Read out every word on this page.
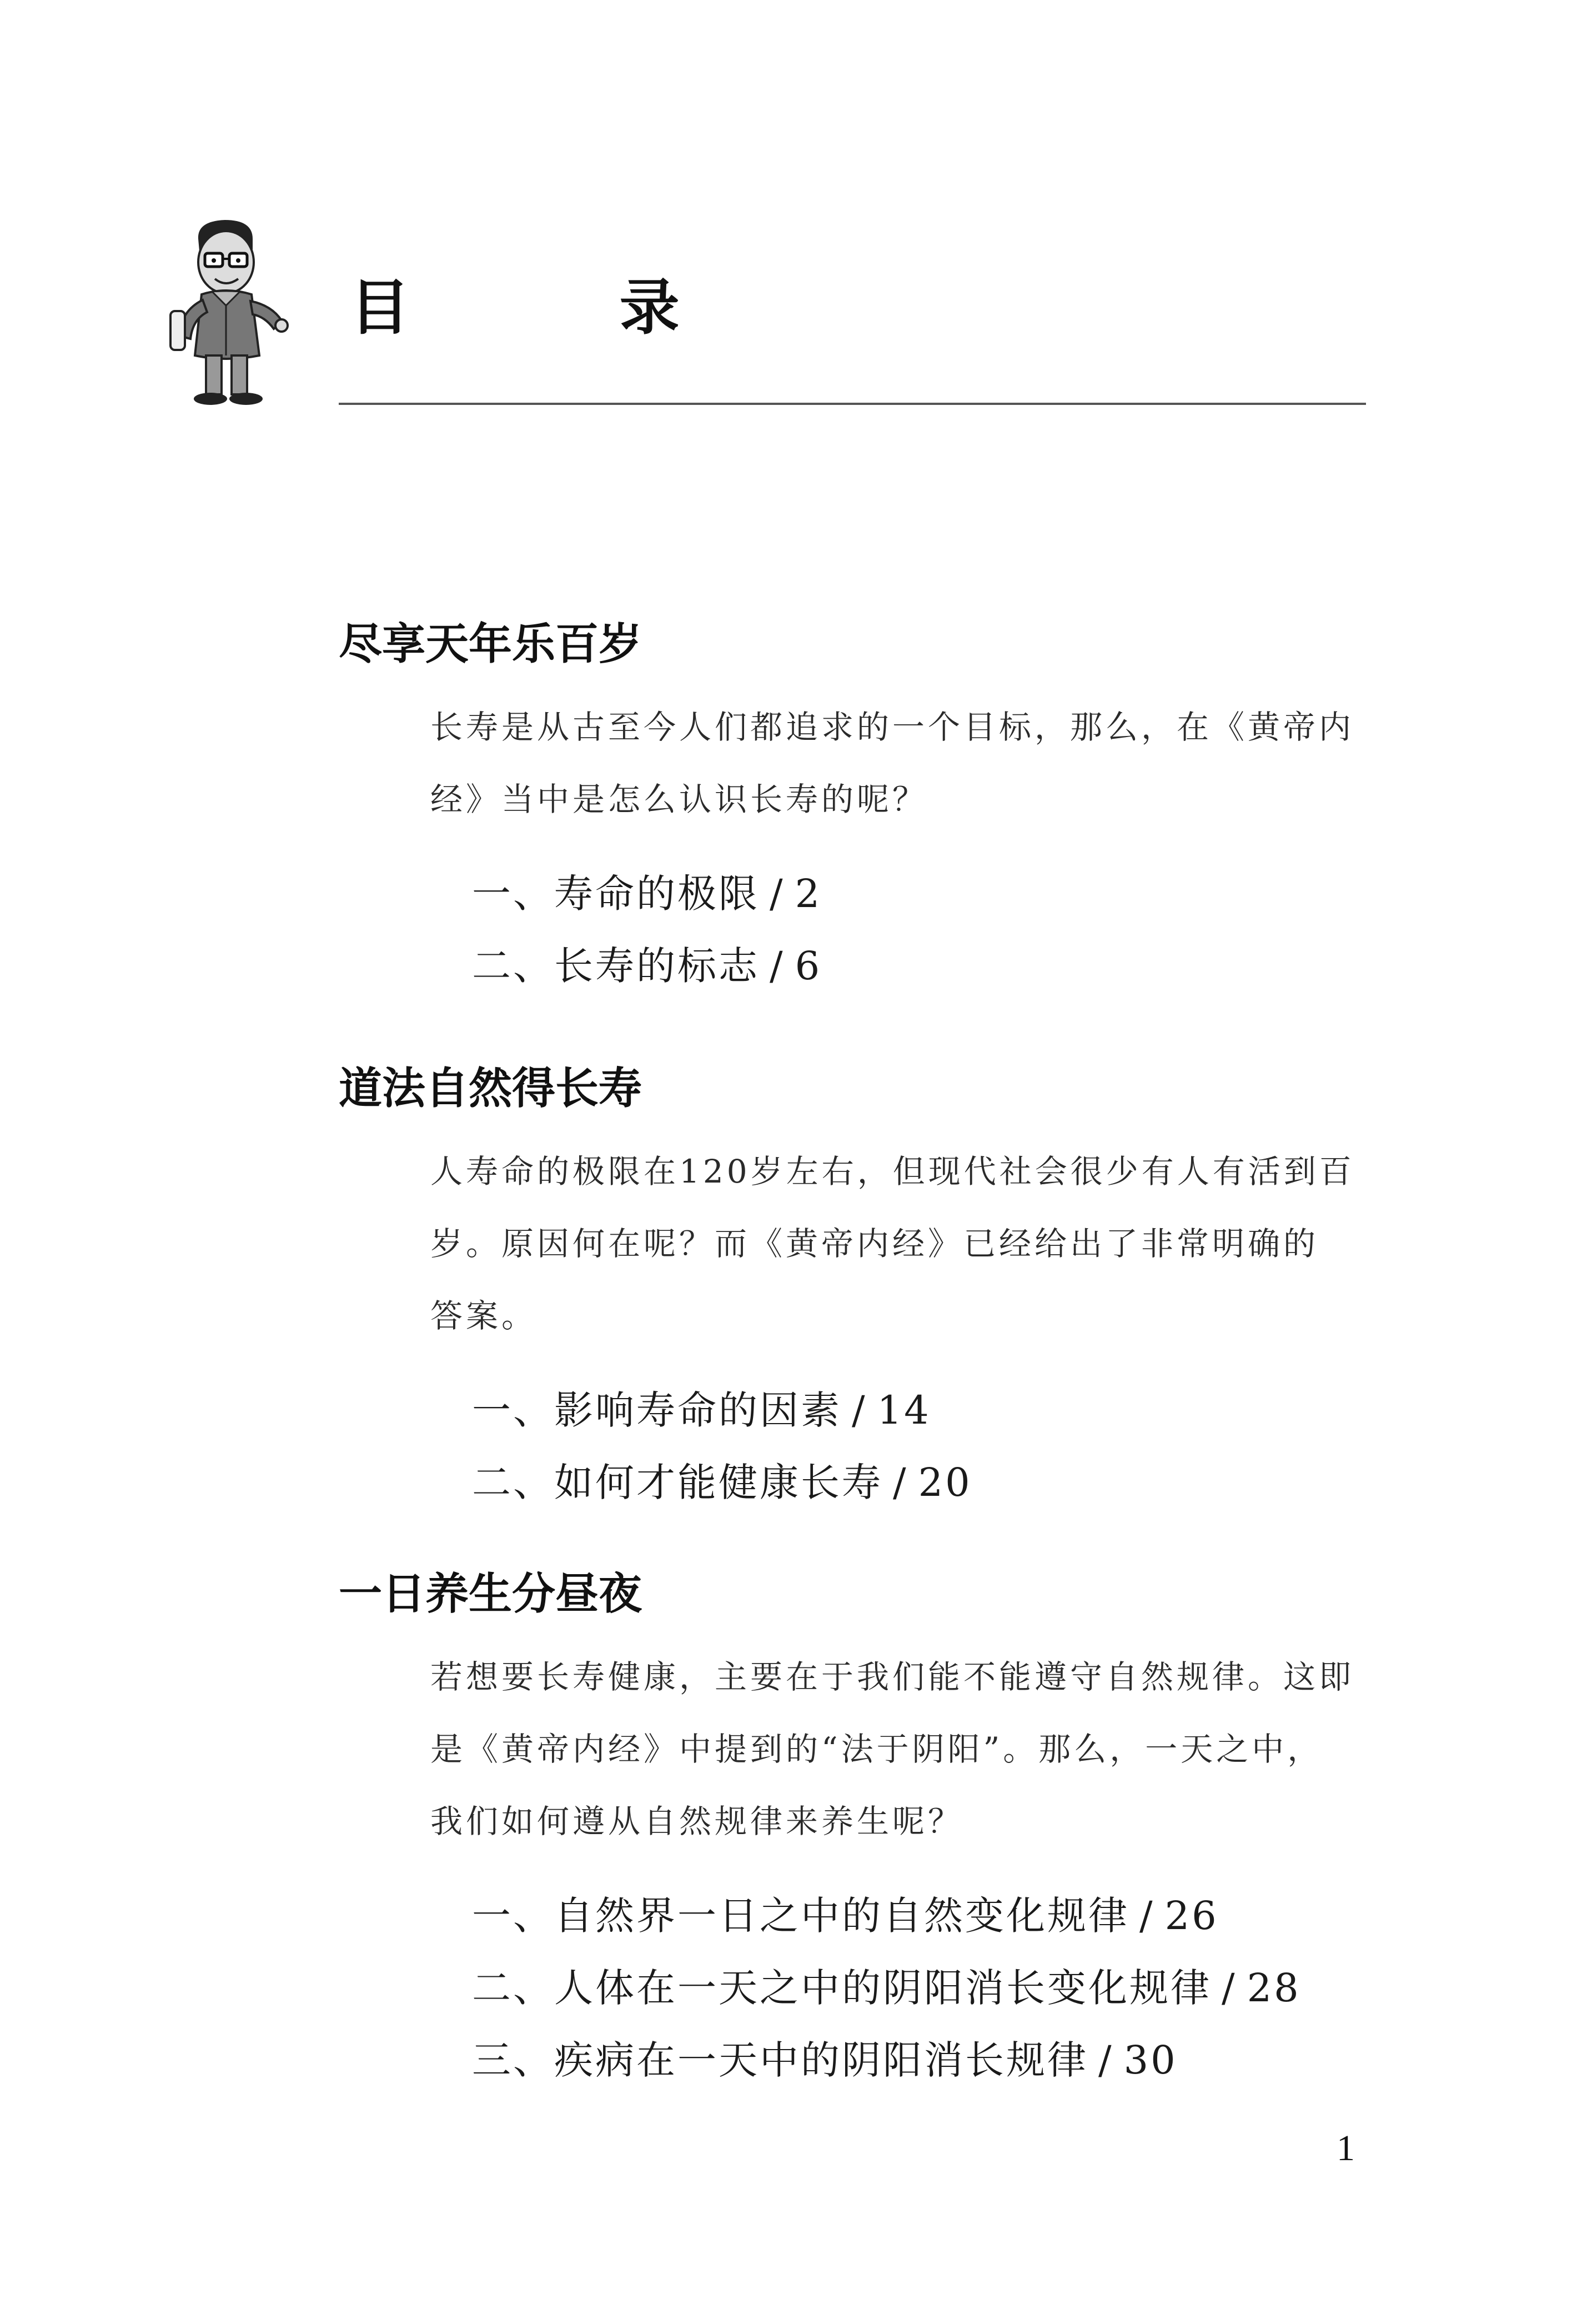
目 录
尽享天年乐百岁
长寿是从古至今人们都追求的一个目标，那么，在《黄帝内
经》当中是怎么认识长寿的呢？
一、寿命的极限 / 2
二、长寿的标志 / 6
道法自然得长寿
人寿命的极限在120岁左右，但现代社会很少有人有活到百
岁。原因何在呢？而《黄帝内经》已经给出了非常明确的
答案。
一、影响寿命的因素 / 14
二、如何才能健康长寿 / 20
一日养生分昼夜
若想要长寿健康，主要在于我们能不能遵守自然规律。这即
是《黄帝内经》中提到的“法于阴阳”。那么，一天之中，
我们如何遵从自然规律来养生呢？
一、自然界一日之中的自然变化规律 / 26
二、人体在一天之中的阴阳消长变化规律 / 28
三、疾病在一天中的阴阳消长规律 / 30
1
